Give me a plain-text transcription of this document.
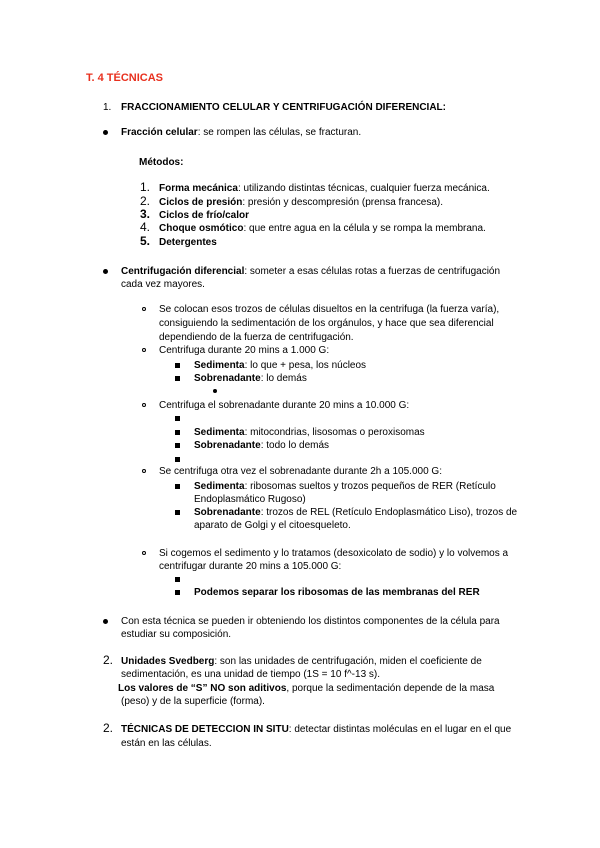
T. 4 TÉCNICAS
1. FRACCIONAMIENTO CELULAR Y CENTRIFUGACIÓN DIFERENCIAL:
Fracción celular: se rompen las células, se fracturan.
Métodos:
1. Forma mecánica: utilizando distintas técnicas, cualquier fuerza mecánica.
2. Ciclos de presión: presión y descompresión (prensa francesa).
3. Ciclos de frío/calor
4. Choque osmótico: que entre agua en la célula y se rompa la membrana.
5. Detergentes
Centrifugación diferencial: someter a esas células rotas a fuerzas de centrifugación
cada vez mayores.
Se colocan esos trozos de células disueltos en la centrifuga (la fuerza varía),
consiguiendo la sedimentación de los orgánulos, y hace que sea diferencial
dependiendo de la fuerza de centrifugación.
Centrifuga durante 20 mins a 1.000 G:
Sedimenta: lo que + pesa, los núcleos
Sobrenadante: lo demás
Centrifuga el sobrenadante durante 20 mins a 10.000 G:
Sedimenta: mitocondrias, lisosomas o peroxisomas
Sobrenadante: todo lo demás
Se centrifuga otra vez el sobrenadante durante 2h a 105.000 G:
Sedimenta: ribosomas sueltos y trozos pequeños de RER (Retículo
Endoplasmático Rugoso)
Sobrenadante: trozos de REL (Retículo Endoplasmático Liso), trozos de
aparato de Golgi y el citoesqueleto.
Si cogemos el sedimento y lo tratamos (desoxicolato de sodio) y lo volvemos a
centrifugar durante 20 mins a 105.000 G:
Podemos separar los ribosomas de las membranas del RER
Con esta técnica se pueden ir obteniendo los distintos componentes de la célula para
estudiar su composición.
2. Unidades Svedberg: son las unidades de centrifugación, miden el coeficiente de
sedimentación, es una unidad de tiempo (1S = 10 f^-13 s).
Los valores de “S” NO son aditivos, porque la sedimentación depende de la masa
(peso) y de la superficie (forma).
2. TÉCNICAS DE DETECCION IN SITU: detectar distintas moléculas en el lugar en el que
están en las células.
